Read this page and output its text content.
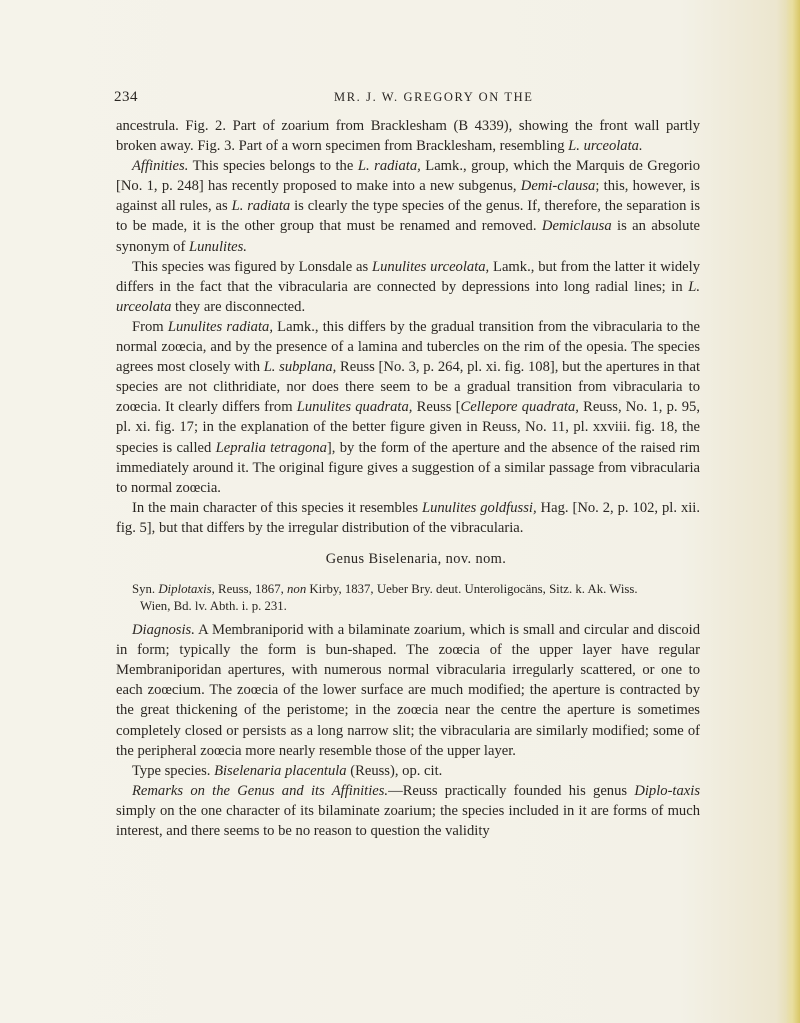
234	MR. J. W. GREGORY ON THE

ancestrula. Fig. 2. Part of zoarium from Bracklesham (B 4339), showing the front wall partly broken away. Fig. 3. Part of a worn specimen from Bracklesham, resembling L. urceolata.

Affinities. This species belongs to the L. radiata, Lamk., group, which the Marquis de Gregorio [No. 1, p. 248] has recently proposed to make into a new subgenus, Demi-clausa; this, however, is against all rules, as L. radiata is clearly the type species of the genus. If, therefore, the separation is to be made, it is the other group that must be renamed and removed. Demiclausa is an absolute synonym of Lunulites.

This species was figured by Lonsdale as Lunulites urceolata, Lamk., but from the latter it widely differs in the fact that the vibracularia are connected by depressions into long radial lines; in L. urceolata they are disconnected.

From Lunulites radiata, Lamk., this differs by the gradual transition from the vibracularia to the normal zoœcia, and by the presence of a lamina and tubercles on the rim of the opesia. The species agrees most closely with L. subplana, Reuss [No. 3, p. 264, pl. xi. fig. 108], but the apertures in that species are not clithridiate, nor does there seem to be a gradual transition from vibracularia to zoœcia. It clearly differs from Lunulites quadrata, Reuss [Cellepore quadrata, Reuss, No. 1, p. 95, pl. xi. fig. 17; in the explanation of the better figure given in Reuss, No. 11, pl. xxviii. fig. 18, the species is called Lepralia tetragona], by the form of the aperture and the absence of the raised rim immediately around it. The original figure gives a suggestion of a similar passage from vibracularia to normal zoœcia.

In the main character of this species it resembles Lunulites goldfussi, Hag. [No. 2, p. 102, pl. xii. fig. 5], but that differs by the irregular distribution of the vibracularia.

Genus Biselenaria, nov. nom.

Syn. Diplotaxis, Reuss, 1867, non Kirby, 1837, Ueber Bry. deut. Unteroligocäns, Sitz. k. Ak. Wiss.
Wien, Bd. lv. Abth. i. p. 231.

Diagnosis. A Membraniporid with a bilaminate zoarium, which is small and circular and discoid in form; typically the form is bun-shaped. The zoœcia of the upper layer have regular Membraniporidan apertures, with numerous normal vibracularia irregularly scattered, or one to each zoœcium. The zoœcia of the lower surface are much modified; the aperture is contracted by the great thickening of the peristome; in the zoœcia near the centre the aperture is sometimes completely closed or persists as a long narrow slit; the vibracularia are similarly modified; some of the peripheral zoœcia more nearly resemble those of the upper layer.

Type species. Biselenaria placentula (Reuss), op. cit.

Remarks on the Genus and its Affinities.—Reuss practically founded his genus Diplo-taxis simply on the one character of its bilaminate zoarium; the species included in it are forms of much interest, and there seems to be no reason to question the validity
